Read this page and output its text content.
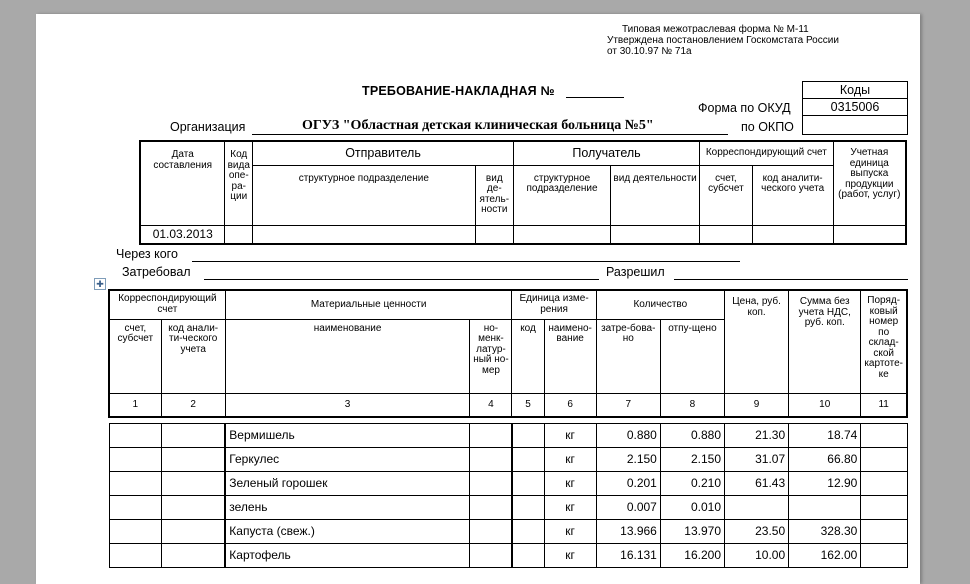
Типовая межотраслевая форма № М-11
Утверждена постановлением Госкомстата России
от 30.10.97 № 71а
ТРЕБОВАНИЕ-НАКЛАДНАЯ №	Коды
0315006
Форма по ОКУД
по ОКПО
Организация	ОГУЗ "Областная детская клиническая больница №5"
Дата составления	Код вида опе-ра-ции	Отправитель		Получатель		Корреспондирующий счет		Учетная единица выпуска продукции (работ, услуг)

		структурное подразделение	вид де-ятель-ности	структурное подразделение	вид деятельности	счет, субсчет	код аналити-ческого учета	

01.03.2013								
Через кого
Затребовал	Разрешил
Корреспондирующий счет		Материальные ценности		Единица изме-рения		Количество		Цена, руб. коп.	Сумма без учета НДС, руб. коп.	Поряд-ковый номер по склад-ской картоте-ке

счет, субсчет	код анали-ти-ческого учета	наименование	но-менк-латур-ный но-мер	код	наимено-вание	затре-бова-но	отпу-щено			

1	2	3	4	5	6	7	8	9	10	11

		Вермишель			кг	0.880	0.880	21.30	18.74	
		Геркулес			кг	2.150	2.150	31.07	66.80	
		Зеленый горошек			кг	0.201	0.210	61.43	12.90	
		зелень			кг	0.007	0.010			
		Капуста (свеж.)			кг	13.966	13.970	23.50	328.30	
		Картофель			кг	16.131	16.200	10.00	162.00	
✚
